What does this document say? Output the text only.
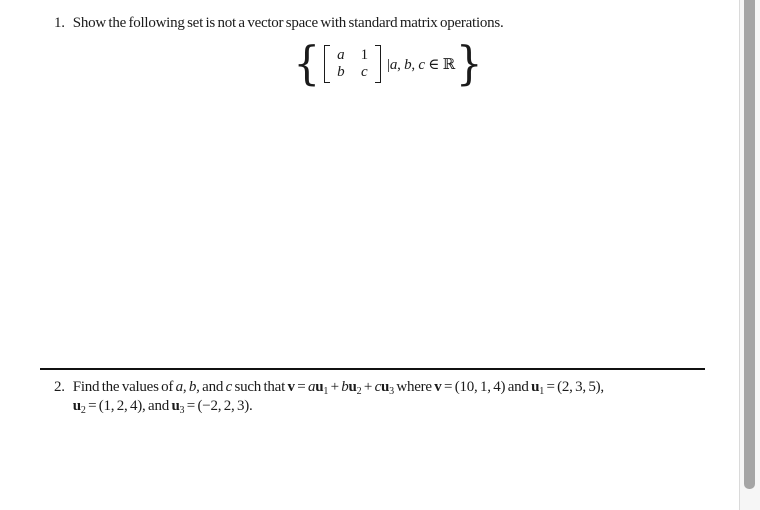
1. Show the following set is not a vector space with standard matrix operations.
{ a 1
b c |a, b, c ∈ ℝ }
2. Find the values of a, b, and c such that $v = au_1 + bu_2 + cu_3$ where v = (10, 1, 4) and $u_1 = (2$, 3, 5),
$u_2 = (1$, 2, 4), and $u_3 = (-2$, 2, 3).
